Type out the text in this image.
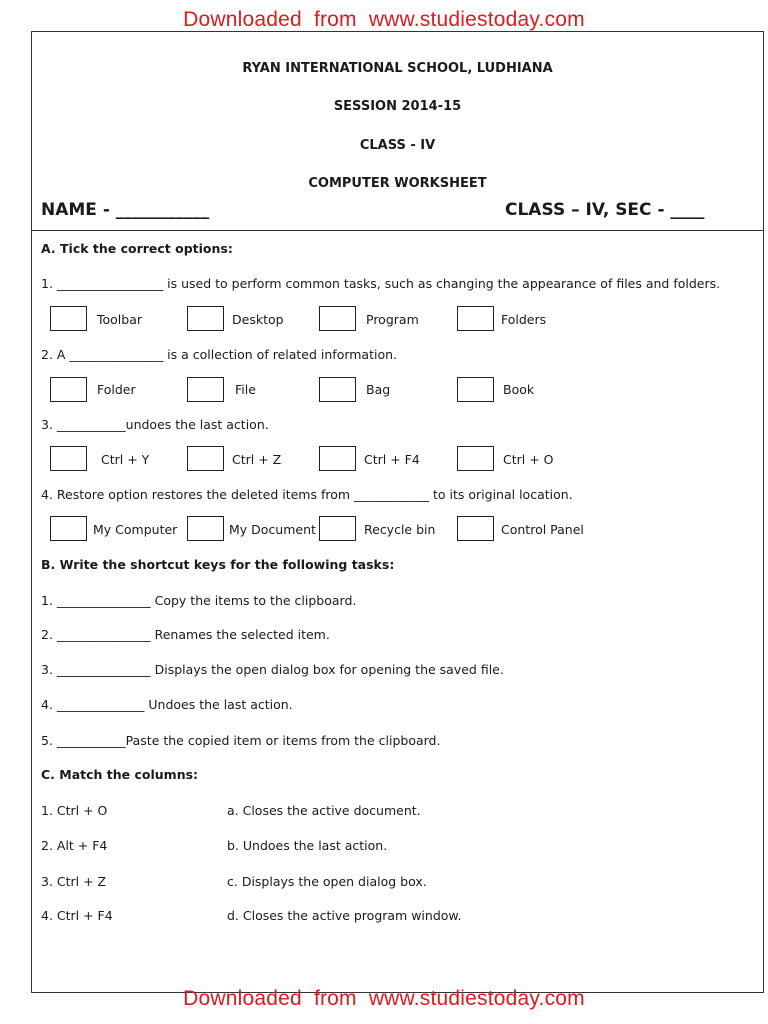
Downloaded  from  www.studiestoday.com
RYAN INTERNATIONAL SCHOOL, LUDHIANA
SESSION 2014-15
CLASS - IV
COMPUTER WORKSHEET
NAME - ___________	CLASS – IV, SEC - ____
A. Tick the correct options:
1. _________________ is used to perform common tasks, such as changing the appearance of files and folders.
Toolbar	Desktop	Program	Folders
2. A _______________ is a collection of related information.
Folder	File	Bag	Book
3. ___________undoes the last action.
Ctrl + Y	Ctrl + Z	Ctrl + F4	Ctrl + O
4. Restore option restores the deleted items from ____________ to its original location.
My Computer	My Document	Recycle bin	Control Panel
B. Write the shortcut keys for the following tasks:
1. _______________ Copy the items to the clipboard.
2. _______________ Renames the selected item.
3. _______________ Displays the open dialog box for opening the saved file.
4. ______________ Undoes the last action.
5. ___________Paste the copied item or items from the clipboard.
C. Match the columns:
1. Ctrl + O	a. Closes the active document.
2. Alt + F4	b. Undoes the last action.
3. Ctrl + Z	c. Displays the open dialog box.
4. Ctrl + F4	d. Closes the active program window.
Downloaded  from  www.studiestoday.com
